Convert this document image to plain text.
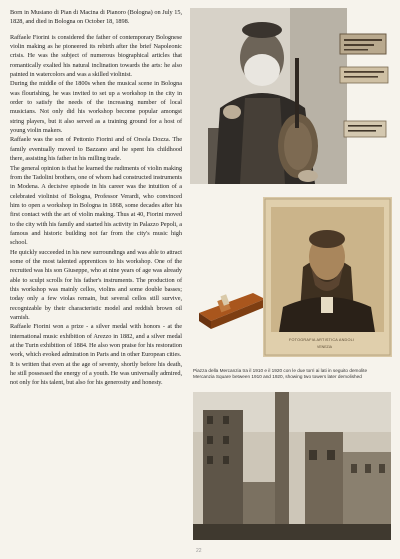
Born in Musiano di Pian di Macina di Pianoro (Bologna) on July 15, 1828, and died in Bologna on October 18, 1898.

Raffaele Fiorini is considered the father of contemporary Bolognese violin making as he pioneered its rebirth after the brief Napoleonic crisis. He was the subject of numerous biographical articles that romantically exalted his natural inclination towards the arts: he also painted in watercolors and was a skilled violinist.

During the middle of the 1800s when the musical scene in Bologna was flourishing, he was invited to set up a workshop in the city in order to satisfy the needs of the increasing number of local musicians. Not only did his workshop become popular amongst string players, but it also served as a training ground for a host of young violin makers.

Raffaele was the son of Pettonio Fiorini and of Orsola Dozza. The family eventually moved to Bazzano and he spent his childhood there, assisting his father in his milling trade.

The general opinion is that he learned the rudiments of violin making from the Tadolini brothers, one of whom had constructed instruments in Modena. A decisive episode in his career was the intuition of a celebrated violinist of Bologna, Professor Verardi, who convinced him to open a workshop in Bologna in 1868, some decades after his first contact with the art of violin making. Thus at 40, Fiorini moved to the city with his family and started his activity in Palazzo Pepoli, a famous and historic building not far from the city's music high school.

He quickly succeeded in his new surroundings and was able to attract some of the most talented apprentices to his workshop. One of the recruited was his son Giuseppe, who at nine years of age was already able to sculpt scrolls for his father's instruments. The production of this workshop was mainly cellos, violins and some double basses; today only a few violas remain, but several cellos still survive, recognizable by their characteristic model and reddish brown oil varnish.

Raffaele Fiorini won a prize - a silver medal with honors - at the international music exhibition of Arezzo in 1882, and a silver medal at the Turin exhibition of 1884. He also won praise for his restoration work, which evoked admiration in Paris and in other European cities.

It is written that even at the age of seventy, shortly before his death, he still possessed the energy of a youth. He was universally admired, not only for his talent, but also for his generosity and honesty.

FOTOGRAFIA ARTISTICA ANDOLI
VENEZIA
Piazza della Mercanzia tra il 1910 e il 1920 con le due torri ai lati in seguito demolite
Mercanzia Square between 1910 and 1920, showing two towers later demolished
22
